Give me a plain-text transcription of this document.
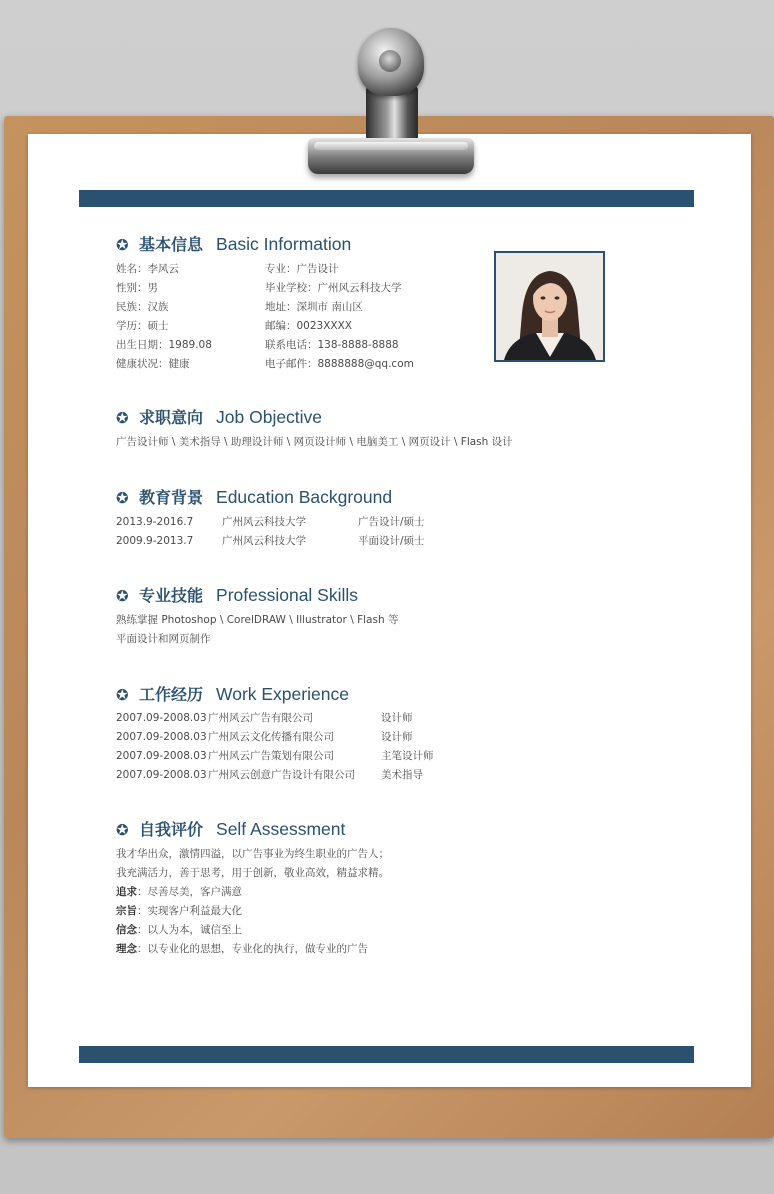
✪ 基本信息 Basic Information
姓名：李风云
性别：男
民族：汉族
学历：硕士
出生日期：1989.08
健康状况：健康
专业：广告设计
毕业学校：广州风云科技大学
地址：深圳市 南山区
邮编：0023XXXX
联系电话：138-8888-8888
电子邮件：8888888@qq.com
✪ 求职意向 Job Objective
广告设计师 \ 美术指导 \ 助理设计师 \ 网页设计师 \ 电脑美工 \ 网页设计 \ Flash 设计
✪ 教育背景 Education Background
2013.9-2016.7
2009.9-2013.7
广州风云科技大学
广州风云科技大学
广告设计/硕士
平面设计/硕士
✪ 专业技能 Professional Skills
熟练掌握 Photoshop \ CorelDRAW \ Illustrator \ Flash 等
平面设计和网页制作
✪ 工作经历 Work Experience
2007.09-2008.03
2007.09-2008.03
2007.09-2008.03
2007.09-2008.03
广州风云广告有限公司
广州风云文化传播有限公司
广州风云广告策划有限公司
广州风云创意广告设计有限公司
设计师
设计师
主笔设计师
美术指导
✪ 自我评价 Self Assessment
我才华出众，激情四溢，以广告事业为终生职业的广告人；
我充满活力，善于思考，用于创新，敬业高效，精益求精。
追求：尽善尽美，客户满意
宗旨：实现客户利益最大化
信念：以人为本，诚信至上
理念：以专业化的思想，专业化的执行，做专业的广告
